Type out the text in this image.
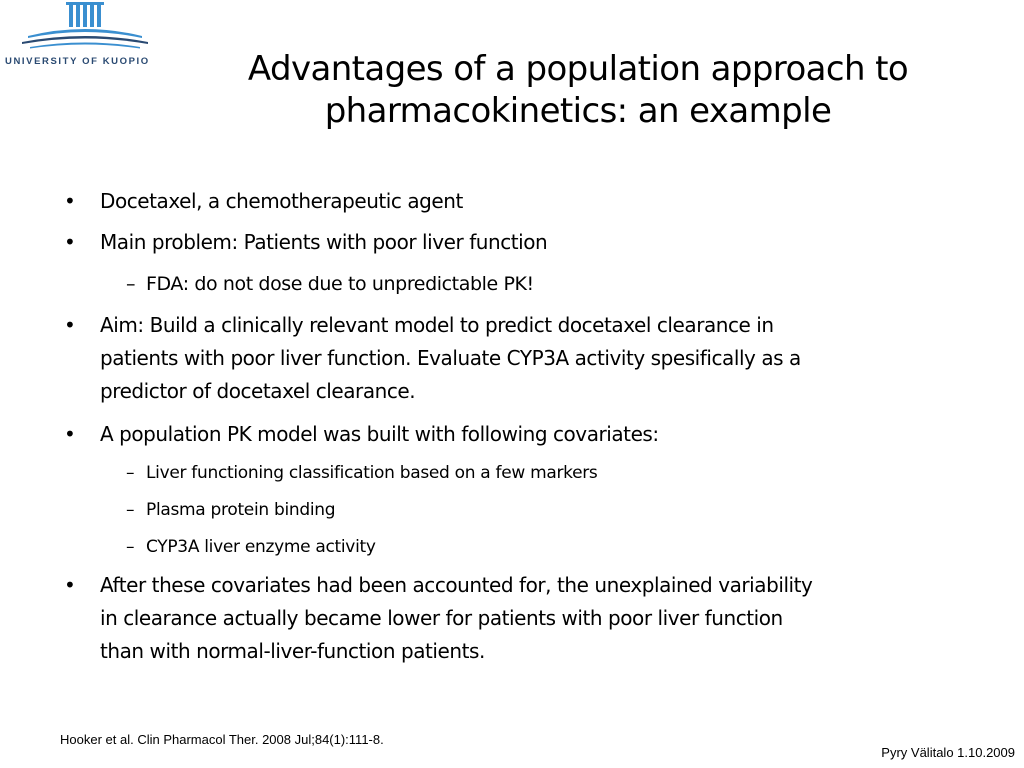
UNIVERSITY OF KUOPIO	Advantages of a population approach to
pharmacokinetics: an example
• Docetaxel, a chemotherapeutic agent
• Main problem: Patients with poor liver function
– FDA: do not dose due to unpredictable PK!
• Aim: Build a clinically relevant model to predict docetaxel clearance in
patients with poor liver function. Evaluate CYP3A activity spesifically as a
predictor of docetaxel clearance.
• A population PK model was built with following covariates:
– Liver functioning classification based on a few markers
– Plasma protein binding
– CYP3A liver enzyme activity
• After these covariates had been accounted for, the unexplained variability
in clearance actually became lower for patients with poor liver function
than with normal-liver-function patients.
Hooker et al. Clin Pharmacol Ther. 2008 Jul;84(1):111-8.
Pyry Välitalo 1.10.2009
